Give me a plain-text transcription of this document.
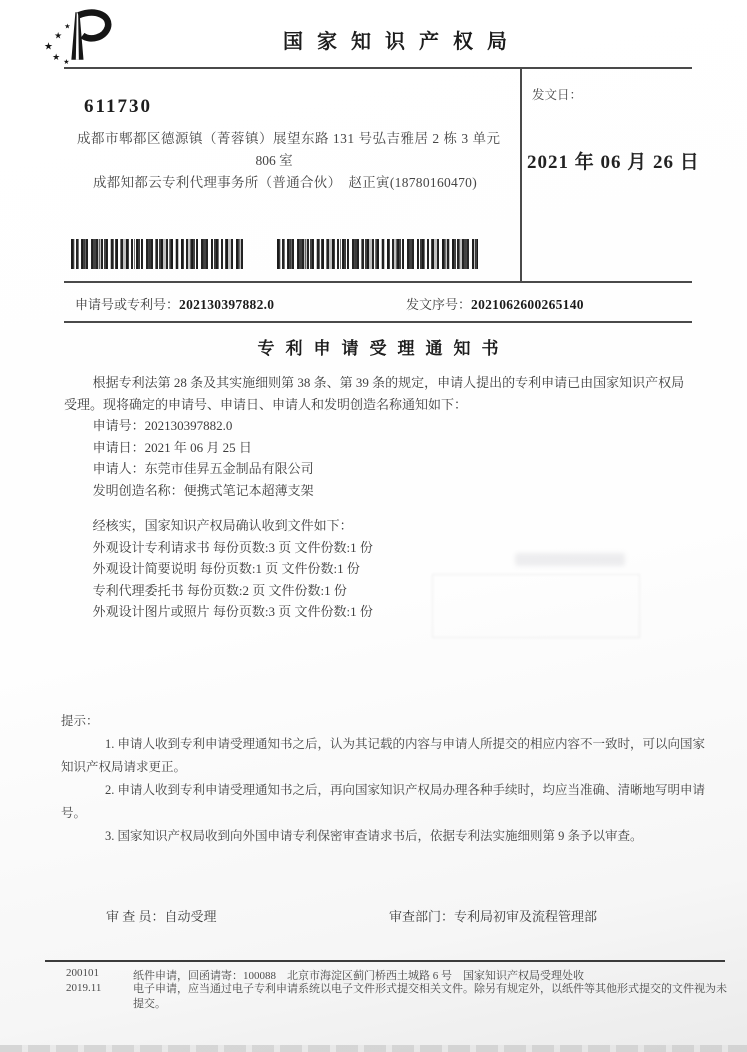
★
★
★
★
★
国家知识产权局
611730
成都市郫都区德源镇（菁蓉镇）展望东路 131 号弘吉雅居 2 栋 3 单元
806 室
成都知都云专利代理事务所（普通合伙）　赵正寅(18780160470)
发文日：
2021 年 06 月 26 日
申请号或专利号：202130397882.0	发文序号：2021062600265140
专利申请受理通知书

根据专利法第 28 条及其实施细则第 38 条、第 39 条的规定，申请人提出的专利申请已由国家知识产权局受理。现将确定的申请号、申请日、申请人和发明创造名称通知如下：

申请号：202130397882.0
申请日：2021 年 06 月 25 日
申请人：东莞市佳昇五金制品有限公司
发明创造名称：便携式笔记本超薄支架

经核实，国家知识产权局确认收到文件如下：

外观设计专利请求书 每份页数:3 页 文件份数:1 份
外观设计简要说明 每份页数:1 页 文件份数:1 份
专利代理委托书 每份页数:2 页 文件份数:1 份
外观设计图片或照片 每份页数:3 页 文件份数:1 份
提示：

1. 申请人收到专利申请受理通知书之后，认为其记载的内容与申请人所提交的相应内容不一致时，可以向国家知识产权局请求更正。

2. 申请人收到专利申请受理通知书之后，再向国家知识产权局办理各种手续时，均应当准确、清晰地写明申请号。

3. 国家知识产权局收到向外国申请专利保密审查请求书后，依据专利法实施细则第 9 条予以审查。

审 查 员：自动受理	审查部门：专利局初审及流程管理部
200101
2019.11
纸件申请，回函请寄：100088　北京市海淀区蓟门桥西土城路 6 号　国家知识产权局受理处收
电子申请，应当通过电子专利申请系统以电子文件形式提交相关文件。除另有规定外，以纸件等其他形式提交的文件视为未提交。
